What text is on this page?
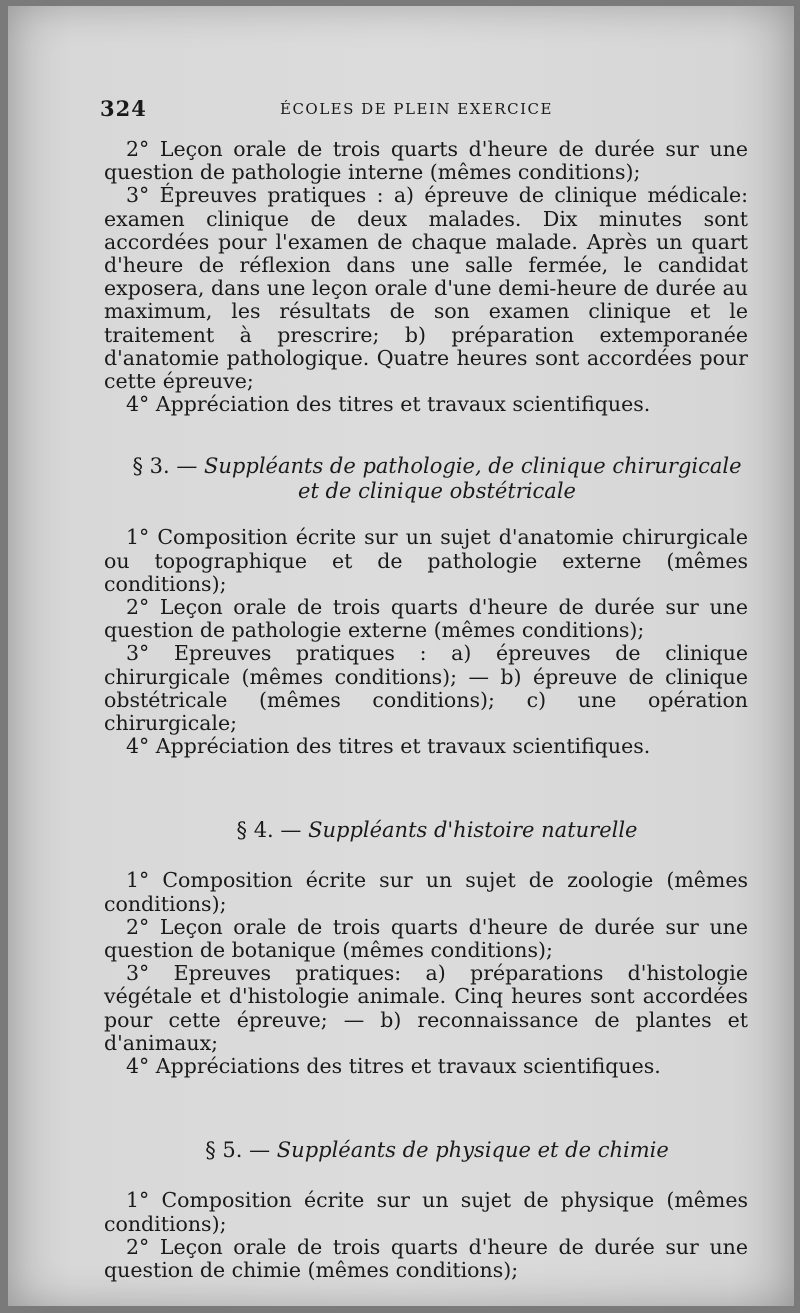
324	ÉCOLES DE PLEIN EXERCICE

2° Leçon orale de trois quarts d'heure de durée sur une question de pathologie interne (mêmes conditions);

3° Épreuves pratiques : a) épreuve de clinique médicale: examen clinique de deux malades. Dix minutes sont accordées pour l'examen de chaque malade. Après un quart d'heure de réflexion dans une salle fermée, le candidat exposera, dans une leçon orale d'une demi-heure de durée au maximum, les résultats de son examen clinique et le traitement à prescrire; b) préparation extemporanée d'anatomie pathologique. Quatre heures sont accordées pour cette épreuve;

4° Appréciation des titres et travaux scientifiques.

§ 3. — Suppléants de pathologie, de clinique chirurgicale

et de clinique obstétricale

1° Composition écrite sur un sujet d'anatomie chirurgicale ou topographique et de pathologie externe (mêmes conditions);

2° Leçon orale de trois quarts d'heure de durée sur une question de pathologie externe (mêmes conditions);

3° Epreuves pratiques : a) épreuves de clinique chirurgicale (mêmes conditions); — b) épreuve de clinique obstétricale (mêmes conditions); c) une opération chirurgicale;

4° Appréciation des titres et travaux scientifiques.

§ 4. — Suppléants d'histoire naturelle

1° Composition écrite sur un sujet de zoologie (mêmes conditions);

2° Leçon orale de trois quarts d'heure de durée sur une question de botanique (mêmes conditions);

3° Epreuves pratiques: a) préparations d'histologie végétale et d'histologie animale. Cinq heures sont accordées pour cette épreuve; — b) reconnaissance de plantes et d'animaux;

4° Appréciations des titres et travaux scientifiques.

§ 5. — Suppléants de physique et de chimie

1° Composition écrite sur un sujet de physique (mêmes conditions);

2° Leçon orale de trois quarts d'heure de durée sur une question de chimie (mêmes conditions);
